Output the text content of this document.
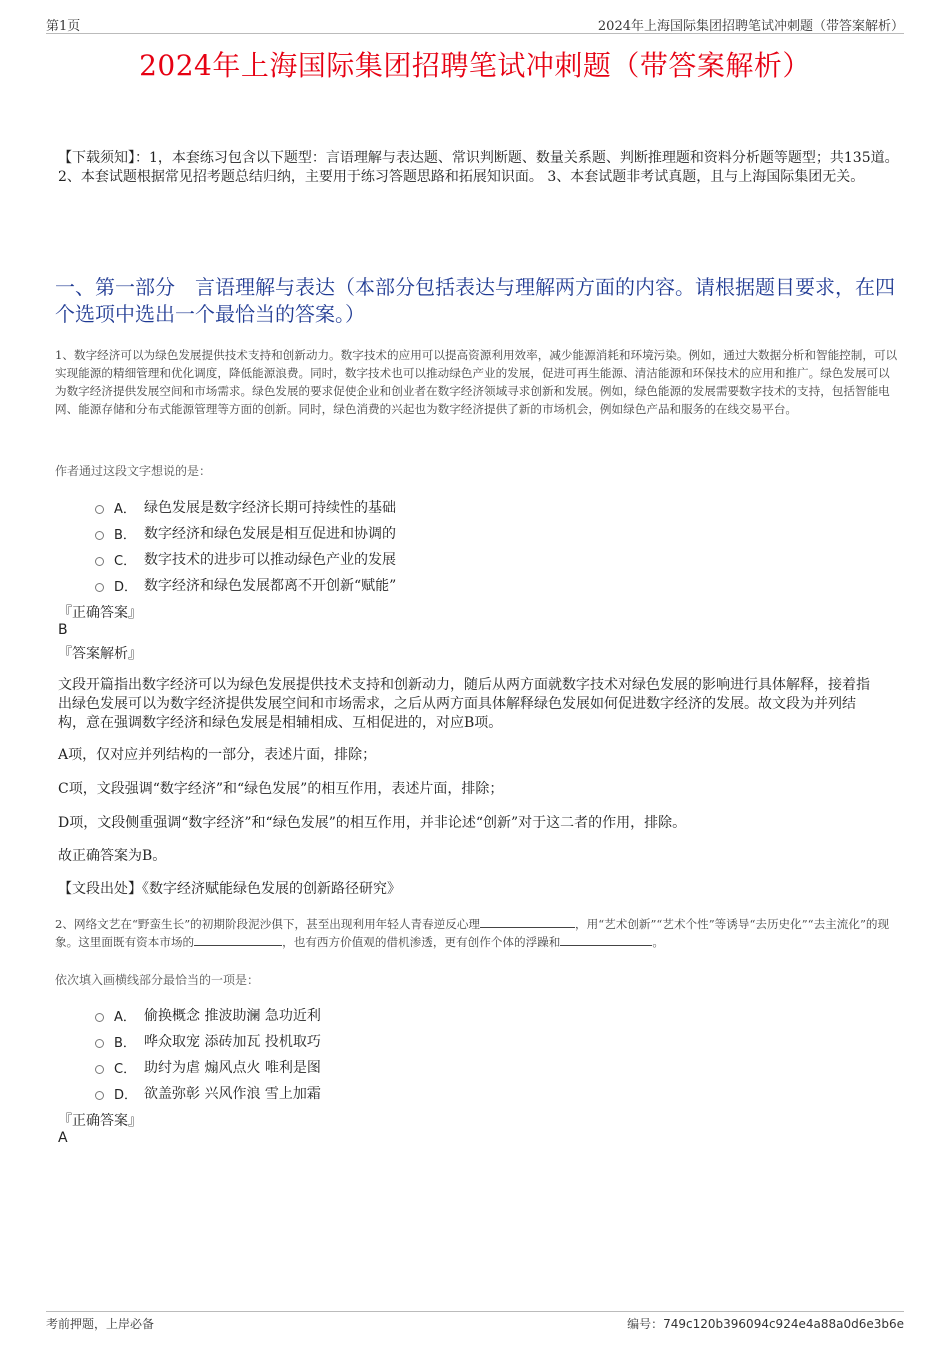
第1页	2024年上海国际集团招聘笔试冲刺题（带答案解析）
2024年上海国际集团招聘笔试冲刺题（带答案解析）
【下载须知】：1，本套练习包含以下题型：言语理解与表达题、常识判断题、数量关系题、判断推理题和资料分析题等题型；共135道。 2、本套试题根据常见招考题总结归纳，主要用于练习答题思路和拓展知识面。 3、本套试题非考试真题，且与上海国际集团无关。
一、第一部分　言语理解与表达（本部分包括表达与理解两方面的内容。请根据题目要求，在四个选项中选出一个最恰当的答案。）
1、数字经济可以为绿色发展提供技术支持和创新动力。数字技术的应用可以提高资源利用效率，减少能源消耗和环境污染。例如，通过大数据分析和智能控制，可以实现能源的精细管理和优化调度，降低能源浪费。同时，数字技术也可以推动绿色产业的发展，促进可再生能源、清洁能源和环保技术的应用和推广。绿色发展可以为数字经济提供发展空间和市场需求。绿色发展的要求促使企业和创业者在数字经济领域寻求创新和发展。例如，绿色能源的发展需要数字技术的支持，包括智能电网、能源存储和分布式能源管理等方面的创新。同时，绿色消费的兴起也为数字经济提供了新的市场机会，例如绿色产品和服务的在线交易平台。
作者通过这段文字想说的是：
A． 绿色发展是数字经济长期可持续性的基础
B． 数字经济和绿色发展是相互促进和协调的
C． 数字技术的进步可以推动绿色产业的发展
D． 数字经济和绿色发展都离不开创新“赋能”
『正确答案』
B
『答案解析』
文段开篇指出数字经济可以为绿色发展提供技术支持和创新动力，随后从两方面就数字技术对绿色发展的影响进行具体解释，接着指出绿色发展可以为数字经济提供发展空间和市场需求，之后从两方面具体解释绿色发展如何促进数字经济的发展。故文段为并列结构，意在强调数字经济和绿色发展是相辅相成、互相促进的，对应B项。
A项，仅对应并列结构的一部分，表述片面，排除；
C项，文段强调“数字经济”和“绿色发展”的相互作用，表述片面，排除；
D项，文段侧重强调“数字经济”和“绿色发展”的相互作用，并非论述“创新”对于这二者的作用，排除。
故正确答案为B。
【文段出处】《数字经济赋能绿色发展的创新路径研究》
2、网络文艺在“野蛮生长”的初期阶段泥沙俱下，甚至出现利用年轻人青春逆反心理	，用“艺术创新”“艺术个性”等诱导“去历史化”“去主流化”的现象。这里面既有资本市场的	，也有西方价值观的借机渗透，更有创作个体的浮躁和	。
依次填入画横线部分最恰当的一项是：
A． 偷换概念 推波助澜 急功近利
B． 哗众取宠 添砖加瓦 投机取巧
C． 助纣为虐 煽风点火 唯利是图
D． 欲盖弥彰 兴风作浪 雪上加霜
『正确答案』
A
考前押题，上岸必备	编号：749c120b396094c924e4a88a0d6e3b6e
